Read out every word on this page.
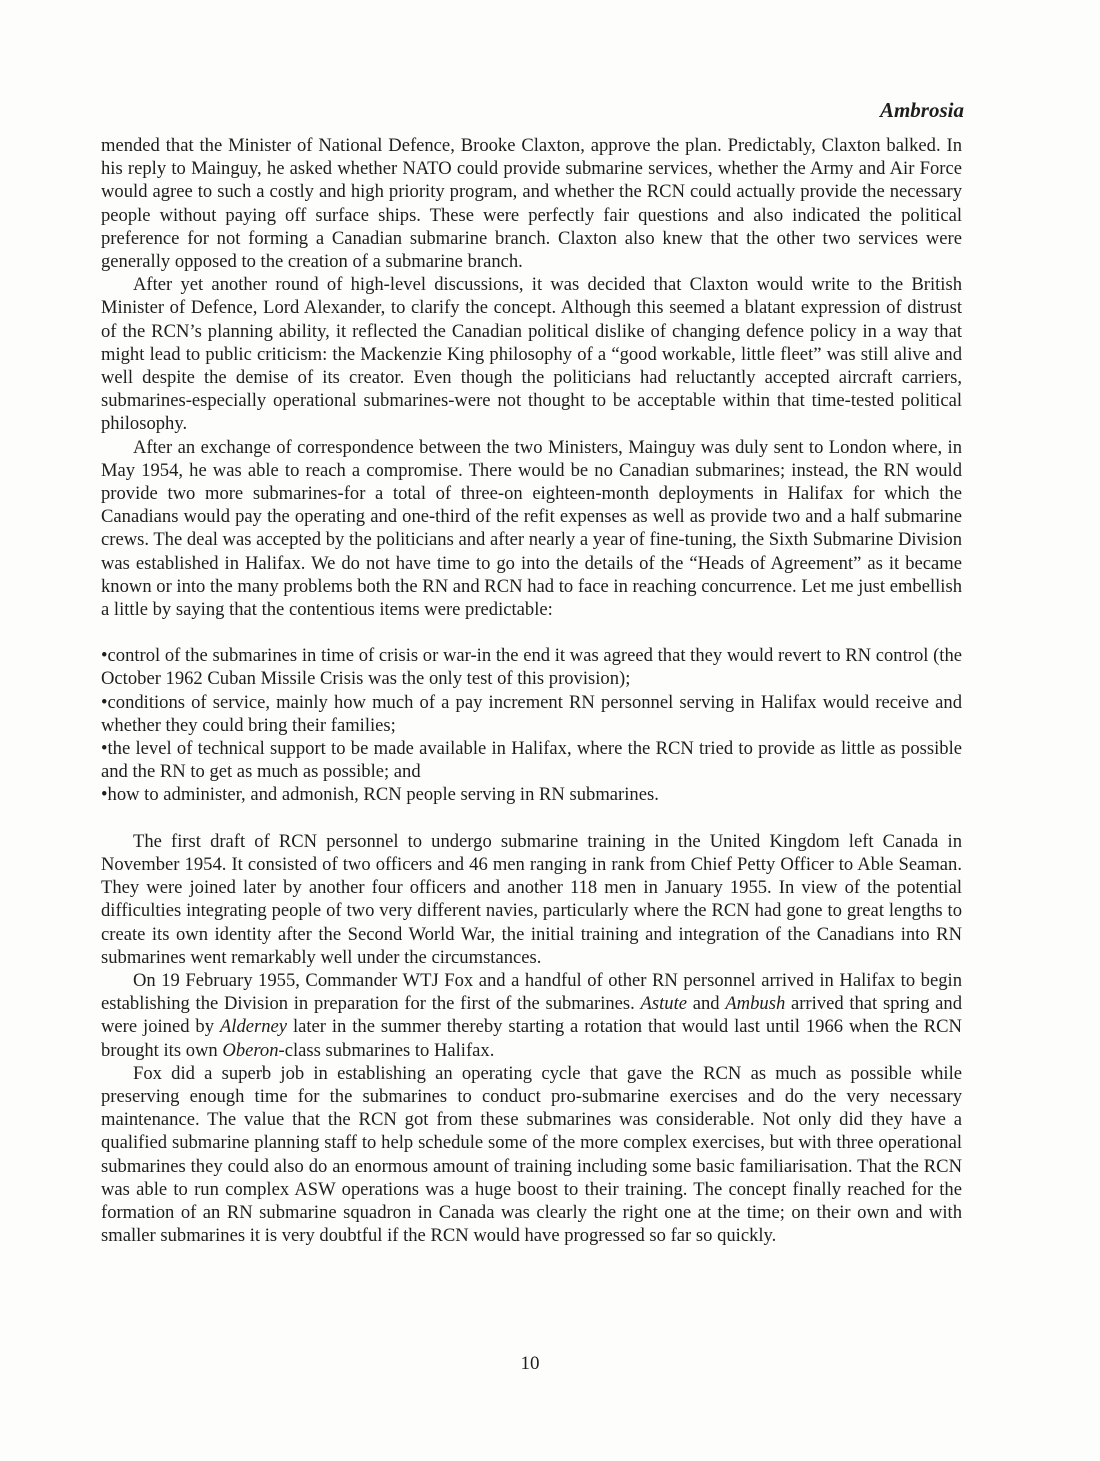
Ambrosia

mended that the Minister of National Defence, Brooke Claxton, approve the plan. Predictably, Claxton balked. In his reply to Mainguy, he asked whether NATO could provide submarine services, whether the Army and Air Force would agree to such a costly and high priority program, and whether the RCN could actually provide the necessary people without paying off surface ships. These were perfectly fair questions and also indicated the political preference for not forming a Canadian submarine branch. Claxton also knew that the other two services were generally opposed to the creation of a submarine branch.

After yet another round of high-level discussions, it was decided that Claxton would write to the British Minister of Defence, Lord Alexander, to clarify the concept. Although this seemed a blatant expression of distrust of the RCN’s planning ability, it reflected the Canadian political dislike of changing defence policy in a way that might lead to public criticism: the Mackenzie King philosophy of a “good workable, little fleet” was still alive and well despite the demise of its creator. Even though the politicians had reluctantly accepted aircraft carriers, submarines-especially operational submarines-were not thought to be acceptable within that time-tested political philosophy.

After an exchange of correspondence between the two Ministers, Mainguy was duly sent to London where, in May 1954, he was able to reach a compromise. There would be no Canadian submarines; instead, the RN would provide two more submarines-for a total of three-on eighteen-month deployments in Halifax for which the Canadians would pay the operating and one-third of the refit expenses as well as provide two and a half submarine crews. The deal was accepted by the politicians and after nearly a year of fine-tuning, the Sixth Submarine Division was established in Halifax. We do not have time to go into the details of the “Heads of Agreement” as it became known or into the many problems both the RN and RCN had to face in reaching concurrence. Let me just embellish a little by saying that the contentious items were predictable:

•control of the submarines in time of crisis or war-in the end it was agreed that they would revert to RN control (the October 1962 Cuban Missile Crisis was the only test of this provision);
•conditions of service, mainly how much of a pay increment RN personnel serving in Halifax would receive and whether they could bring their families;
•the level of technical support to be made available in Halifax, where the RCN tried to provide as little as possible and the RN to get as much as possible; and
•how to administer, and admonish, RCN people serving in RN submarines.

The first draft of RCN personnel to undergo submarine training in the United Kingdom left Canada in November 1954. It consisted of two officers and 46 men ranging in rank from Chief Petty Officer to Able Seaman. They were joined later by another four officers and another 118 men in January 1955. In view of the potential difficulties integrating people of two very different navies, particularly where the RCN had gone to great lengths to create its own identity after the Second World War, the initial training and integration of the Canadians into RN submarines went remarkably well under the circumstances.

On 19 February 1955, Commander WTJ Fox and a handful of other RN personnel arrived in Halifax to begin establishing the Division in preparation for the first of the submarines. Astute and Ambush arrived that spring and were joined by Alderney later in the summer thereby starting a rotation that would last until 1966 when the RCN brought its own Oberon-class submarines to Halifax.

Fox did a superb job in establishing an operating cycle that gave the RCN as much as possible while preserving enough time for the submarines to conduct pro-submarine exercises and do the very necessary maintenance. The value that the RCN got from these submarines was considerable. Not only did they have a qualified submarine planning staff to help schedule some of the more complex exercises, but with three operational submarines they could also do an enormous amount of training including some basic familiarisation. That the RCN was able to run complex ASW operations was a huge boost to their training. The concept finally reached for the formation of an RN submarine squadron in Canada was clearly the right one at the time; on their own and with smaller submarines it is very doubtful if the RCN would have progressed so far so quickly.

10
